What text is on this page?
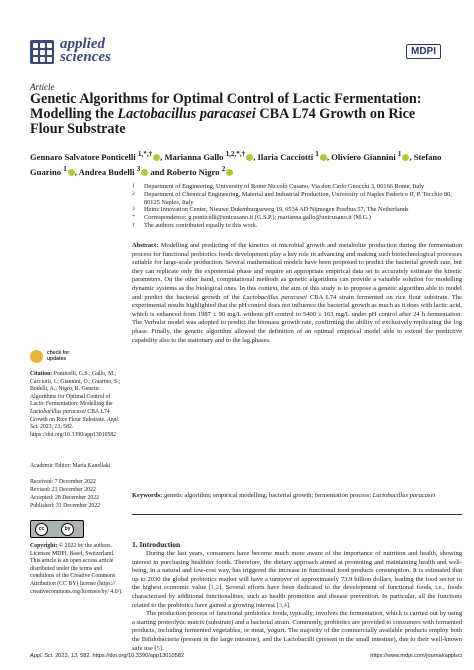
applied
sciences	MDPI
Article
Genetic Algorithms for Optimal Control of Lactic Fermentation: Modelling the Lactobacillus paracasei CBA L74 Growth on Rice Flour Substrate
Gennaro Salvatore Ponticelli $^{1,*,\dagger}$ , Marianna Gallo $^{1,2,*,\dagger}$ , Ilaria Cacciotti $^1$ , Oliviero Giannini $^1$ , Stefano Guarino $^1$ , Andrea Budelli $^3$ and Roberto Nigro $^2$
1	Department of Engineering, University of Rome Niccolò Cusano, Via don Carlo Gnocchi 3, 00166 Rome, Italy
2	Department of Chemical Engineering, Material and Industrial Production, University of Naples Federico II, P. Tecchio 80, 80125 Naples, Italy
3	Heinz Innovation Center, Nieuwe Dukenburgseweg 19, 6534 AD Nijmegen Postbus 57, The Netherlands
*	Correspondence: g.ponticelli@unicusano.it (G.S.P.); marianna.gallo@unicusano.it (M.G.)
†	The authors contributed equally to this work.
Abstract: Modelling and predicting of the kinetics of microbial growth and metabolite production during the fermentation process for functional probiotics foods development play a key role in advancing and making such biotechnological processes suitable for large-scale production. Several mathematical models have been proposed to predict the bacterial growth rate, but they can replicate only the exponential phase and require an appropriate empirical data set to accurately estimate the kinetic parameters. On the other hand, computational methods as genetic algorithms can provide a valuable solution for modelling dynamic systems as the biological ones. In this context, the aim of this study is to propose a genetic algorithm able to model and predict the bacterial growth of the Lactobacillus paracasei CBA L74 strain fermented on rice flour substrate. The experimental results highlighted that the pH control does not influence the bacterial growth as much as it does with lactic acid, which is enhanced from 1987 ± 90 mg/L without pH control to 5400 ± 163 mg/L under pH control after 24 h fermentation. The Verhulst model was adopted to predict the biomass growth rate, confirming the ability of exclusively replicating the log phase. Finally, the genetic algorithm allowed the definition of an optimal empirical model able to extend the predictive capability also to the stationary and to the lag phases.
Keywords: genetic algorithm; empirical modelling; bacterial growth; fermentation process; Lactobacillus paracasei
check for
updates
Citation: Ponticelli, G.S.; Gallo, M.; Cacciotti, I.; Giannini, O.; Guarino, S.; Budelli, A.; Nigro, R. Genetic Algorithms for Optimal Control of Lactic Fermentation: Modelling the Lactobacillus paracasei CBA L74 Growth on Rice Flour Substrate. Appl. Sci. 2023, 13, 582. https://doi.org/10.3390/app13010582
Academic Editor: Maria Kanellaki
Received: 7 December 2022
Revised: 23 December 2022
Accepted: 28 December 2022
Published: 31 December 2022
cc	by
Copyright: © 2022 by the authors. Licensee MDPI, Basel, Switzerland. This article is an open access article distributed under the terms and conditions of the Creative Commons Attribution (CC BY) license (https:// creativecommons.org/licenses/by/ 4.0/).
1. Introduction

During the last years, consumers have become much more aware of the importance of nutrition and health, showing interest in purchasing healthier foods. Therefore, the dietary approach aimed at promoting and maintaining health and well-being, in a natural and low-cost way, has triggered the increase in functional food products consumption. It is estimated that up to 2030 the global probiotics market will have a turnover of approximately 73.9 billion dollars, leading the food sector to the highest economic value [1,2]. Several efforts have been dedicated to the development of functional foods, i.e., foods characterised by additional functionalities, such as health promotion and disease prevention. In particular, all the functions related to the probiotics have gained a growing interest [3,4].

The production process of functional probiotics foods, typically, involves the fermentation, which is carried out by using a starting proteolytic matrix (substrate) and a bacterial strain. Commonly, probiotics are provided to consumers with fermented products, including fermented vegetables, or meat, yogurt. The majority of the commercially available products employ both the Bifidobacteria (present in the large intestine), and the Lactobacilli (present in the small intestine), due to their well-known safe use [5].

Appl. Sci. 2023, 13, 582. https://doi.org/10.3390/app13010582	https://www.mdpi.com/journal/applsci
